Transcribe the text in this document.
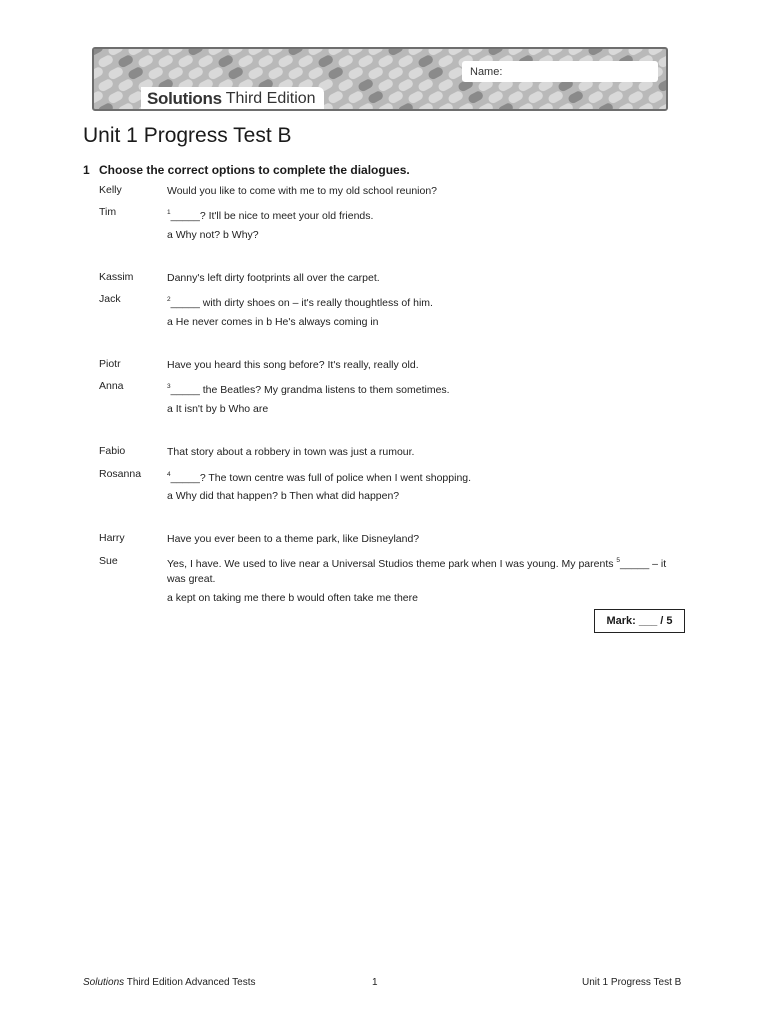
Solutions Third Edition
Name:
Unit 1 Progress Test B
1 Choose the correct options to complete the dialogues.
Kelly	Would you like to come with me to my old school reunion?
Tim	$^1$_____? It'll be nice to meet your old friends.
a Why not? b Why?
Kassim	Danny's left dirty footprints all over the carpet.
Jack	$^2$_____ with dirty shoes on – it's really thoughtless of him.
a He never comes in b He's always coming in
Piotr	Have you heard this song before? It's really, really old.
Anna	$^3$_____ the Beatles? My grandma listens to them sometimes.
a It isn't by b Who are
Fabio	That story about a robbery in town was just a rumour.
Rosanna	$^4$_____? The town centre was full of police when I went shopping.
a Why did that happen? b Then what did happen?
Harry	Have you ever been to a theme park, like Disneyland?
Sue	Yes, I have. We used to live near a Universal Studios theme park when I was young. My parents $^5$_____ – it was great.
a kept on taking me there b would often take me there
Mark: ___ / 5
Solutions Third Edition Advanced Tests	1	Unit 1 Progress Test B
